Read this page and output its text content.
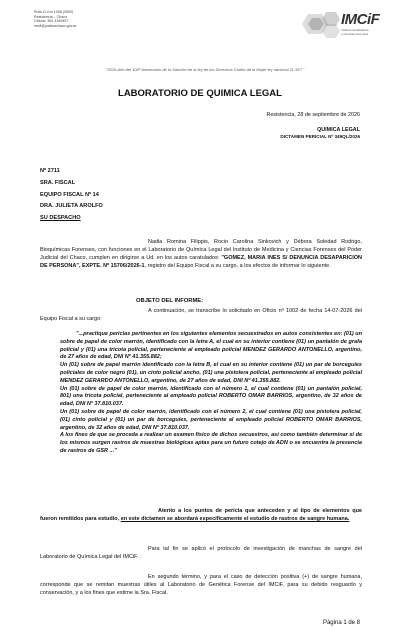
Ruta 11 Km 1008 (3500)
Resistencia – Chaco
Celular: 362 4349457
imcif@justiciachaco.gov.ar	IMCiF
Instituto de Medicina
y Ciencias Forenses
"2026-Año del 100º Aniversario de la Sanción de la ley de los Derechos Civiles de la Mujer ley nacional 11.357."
LABORATORIO DE QUIMICA LEGAL
Resistencia, 28 de septiembre de 2026
QUIMICA LEGAL
DICTAMEN PERICIAL Nº 349QL/2026
Nº 2711
SRA. FISCAL
EQUIPO FISCAL Nº 14
DRA. JULIETA AROLFO
SU DESPACHO
Nadia Romina Filippis, Rocio Carolina Sinkovich y Débora Soledad Rodrigo, Bioquímicas Forenses, con funciones en el Laboratorio de Química Legal del Instituto de Medicina y Ciencias Forenses del Poder Judicial del Chaco, cumplen en dirigirse a Ud. en los autos caratulados: "GOMEZ, MARIA INES S/ DENUNCIA DESAPARICION DE PERSONA", EXPTE. Nº 15706/2026-1, registro del Equipo Fiscal a su cargo, a los efectos de informar lo siguiente.
OBJETO DEL INFORME:
A continuación, se transcribe lo solicitado en Oficio nº 1002 de fecha 14-07-2026 del Equipo Fiscal a su cargo:

"...practique pericias pertinentes en los siguientes elementos secuestrados en autos consistentes en: (01) un sobre de papel de color marrón, identificado con la letra A, el cual en su interior contiene (01) un pantalón de grafa policial y (01) una tricota policial, perteneciente al empleado policial MENDEZ GERARDO ANTONELLO, argentino, de 27 años de edad, DNI Nº 41.355.882;

Un (01) sobre de papel marrón identificado con la letra B, el cual en su interior contiene (01) un par de borceguíes policiales de color negro (01), un cinto policial ancho, (01) una pistolera policial, perteneciente al empleado policial MENDEZ GERARDO ANTONELLO, argentino, de 27 años de edad, DNI Nº 41.355.882.

Un (01) sobre de papel de color marrón, identificado con el número 1, el cual contiene (01) un pantalón policial, 801) una tricota policial, perteneciente al empleado policial ROBERTO OMAR BARRIOS, argentino, de 32 años de edad, DNI Nº 37.810.037.

Un (01) sobre de papel de color marrón, identificado con el número 2, el cual contiene (01) una pistolera policial, (01) cinto policial y (01) un par de borceguíes, perteneciente al empleado policial ROBERTO OMAR BARRIOS, argentino, de 32 años de edad, DNI Nº 37.810.037.

A los fines de que se proceda a realizar un examen físico de dichos secuestros, así como también determinar si de los mismos surgen rastros de muestras biológicas aptas para un futuro cotejo de ADN o se encuentra la presencia de rastros de GSR ..."

Atento a los puntos de pericia que anteceden y al tipo de elementos que fueron remitidos para estudio, en este dictamen se abordará específicamente el estudio de rastros de sangre humana.
Para tal fin se aplicó el protocolo de investigación de manchas de sangre del Laboratorio de Química Legal del IMCiF.
En segundo término, y para el caso de detección positiva (+) de sangre humana, corresponde que se remitan muestras útiles al Laboratorio de Genética Forense del IMCiF, para su debido resguardo y conservación, y a los fines que estime la Sra. Fiscal.
Página 1 de 8
